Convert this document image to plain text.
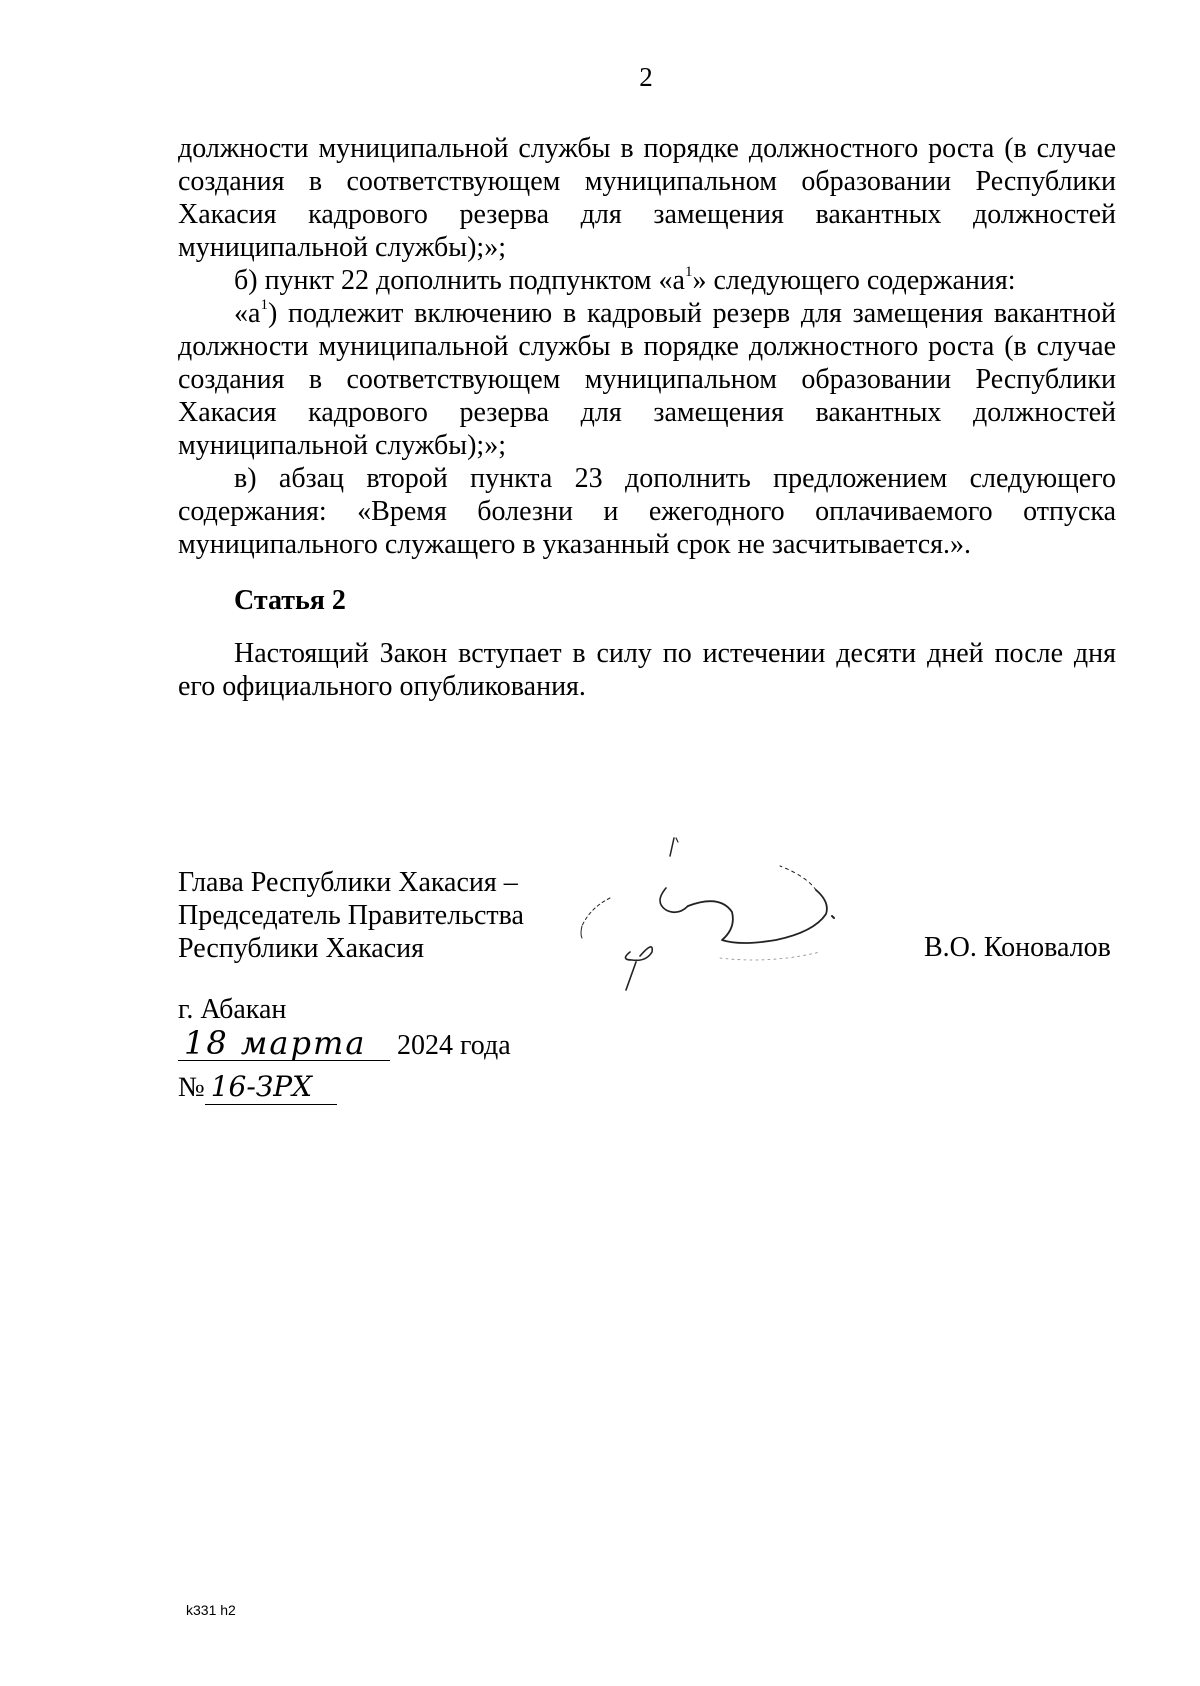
2

должности муниципальной службы в порядке должностного роста (в случае создания в соответствующем муниципальном образовании Республики Хакасия кадрового резерва для замещения вакантных должностей муниципальной службы);»;

б) пункт 22 дополнить подпунктом «$а^1$» следующего содержания:

«$а^1$) подлежит включению в кадровый резерв для замещения вакантной должности муниципальной службы в порядке должностного роста (в случае создания в соответствующем муниципальном образовании Республики Хакасия кадрового резерва для замещения вакантных должностей муниципальной службы);»;

в) абзац второй пункта 23 дополнить предложением следующего содержания: «Время болезни и ежегодного оплачиваемого отпуска муниципального служащего в указанный срок не засчитывается.».

Статья 2

Настоящий Закон вступает в силу по истечении десяти дней после дня его официального опубликования.

Глава Республики Хакасия –
Председатель Правительства
Республики Хакасия	В.О. Коновалов
г. Абакан
18 марта 2024 года
№ 16-ЗРХ
k331 h2
